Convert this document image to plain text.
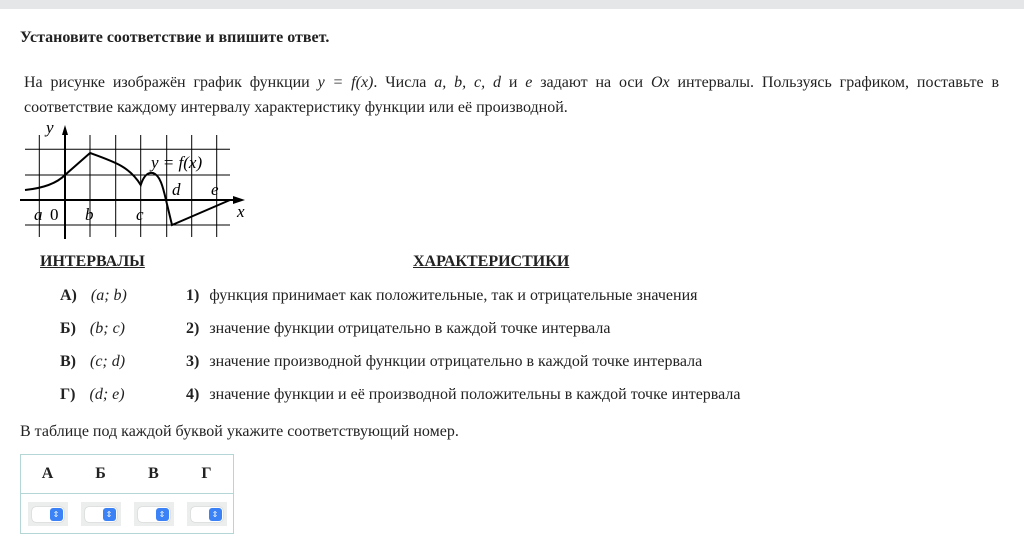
Установите соответствие и впишите ответ.
На рисунке изображён график функции y = f(x). Числа a, b, c, d и e задают на оси Ox интервалы. Пользуясь графиком, поставьте в соответствие каждому интервалу характеристику функции или её производной.
y
x
a 0 b	c
d e
y = f(x)
ИНТЕРВАЛЫ	ХАРАКТЕРИСТИКИ
А) (a; b)
Б) (b; c)
В) (c; d)
Г) (d; e)
1) функция принимает как положительные, так и отрицательные значения
2) значение функции отрицательно в каждой точке интервала
3) значение производной функции отрицательно в каждой точке интервала
4) значение функции и её производной положительны в каждой точке интервала
В таблице под каждой буквой укажите соответствующий номер.
А	Б	В	Г

⇕	⇕	⇕	⇕
